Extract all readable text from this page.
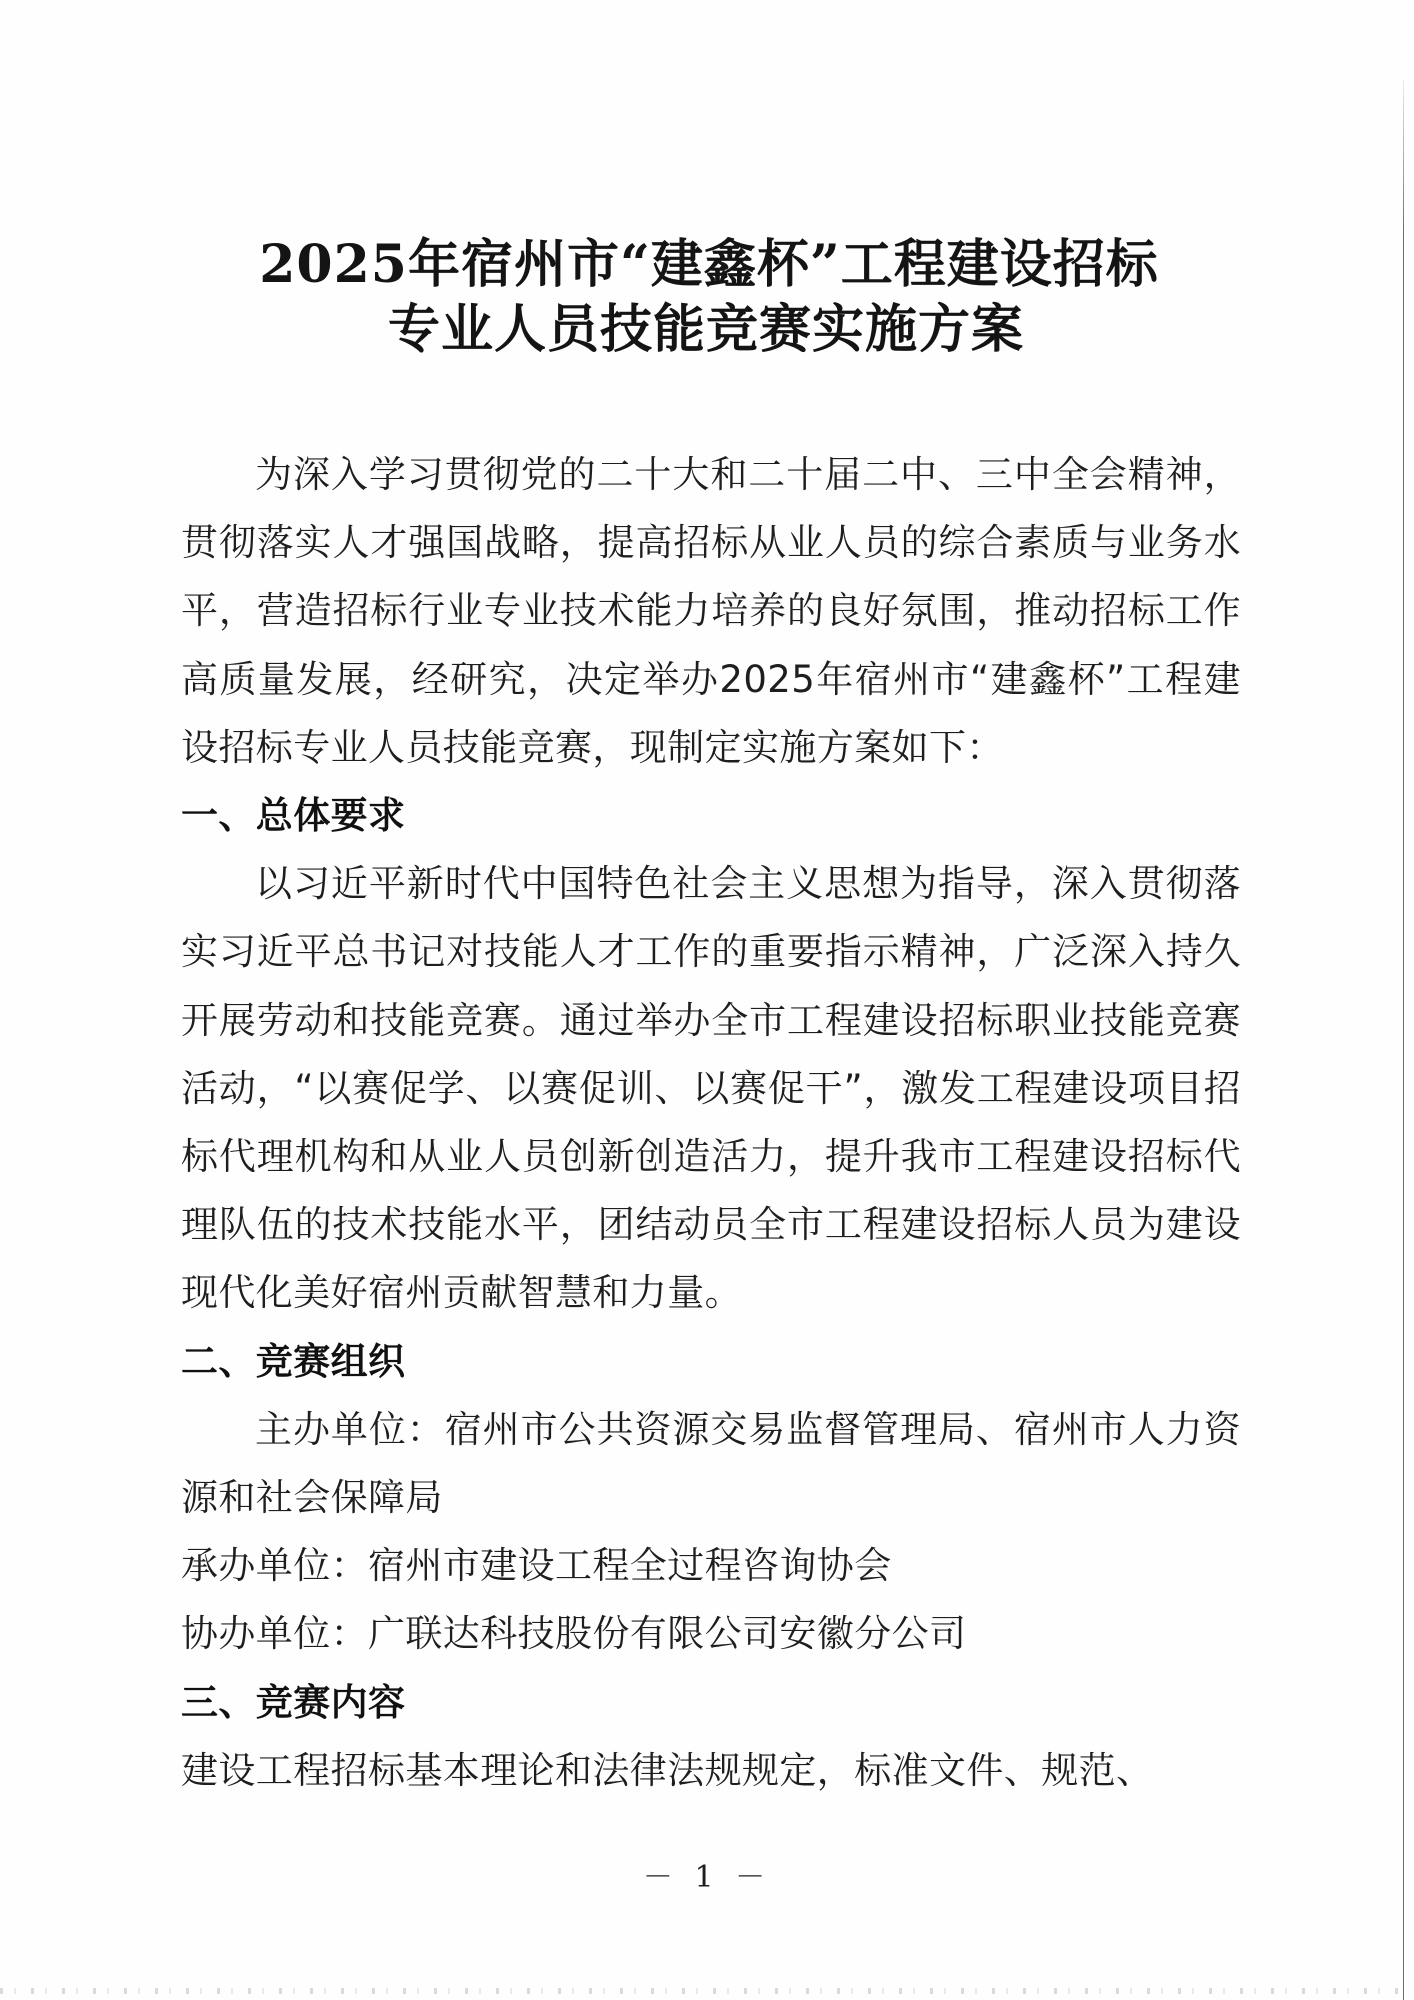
2025年宿州市“建鑫杯”工程建设招标
专业人员技能竞赛实施方案

为深入学习贯彻党的二十大和二十届二中、三中全会精神，贯彻落实人才强国战略，提高招标从业人员的综合素质与业务水平，营造招标行业专业技术能力培养的良好氛围，推动招标工作高质量发展，经研究，决定举办2025年宿州市“建鑫杯”工程建设招标专业人员技能竞赛，现制定实施方案如下：

一、总体要求

以习近平新时代中国特色社会主义思想为指导，深入贯彻落实习近平总书记对技能人才工作的重要指示精神，广泛深入持久开展劳动和技能竞赛。通过举办全市工程建设招标职业技能竞赛活动，“以赛促学、以赛促训、以赛促干”，激发工程建设项目招标代理机构和从业人员创新创造活力，提升我市工程建设招标代理队伍的技术技能水平，团结动员全市工程建设招标人员为建设现代化美好宿州贡献智慧和力量。

二、竞赛组织

主办单位：宿州市公共资源交易监督管理局、宿州市人力资源和社会保障局

承办单位：宿州市建设工程全过程咨询协会

协办单位：广联达科技股份有限公司安徽分公司

三、竞赛内容

建设工程招标基本理论和法律法规规定，标准文件、规范、

－ 1 －
